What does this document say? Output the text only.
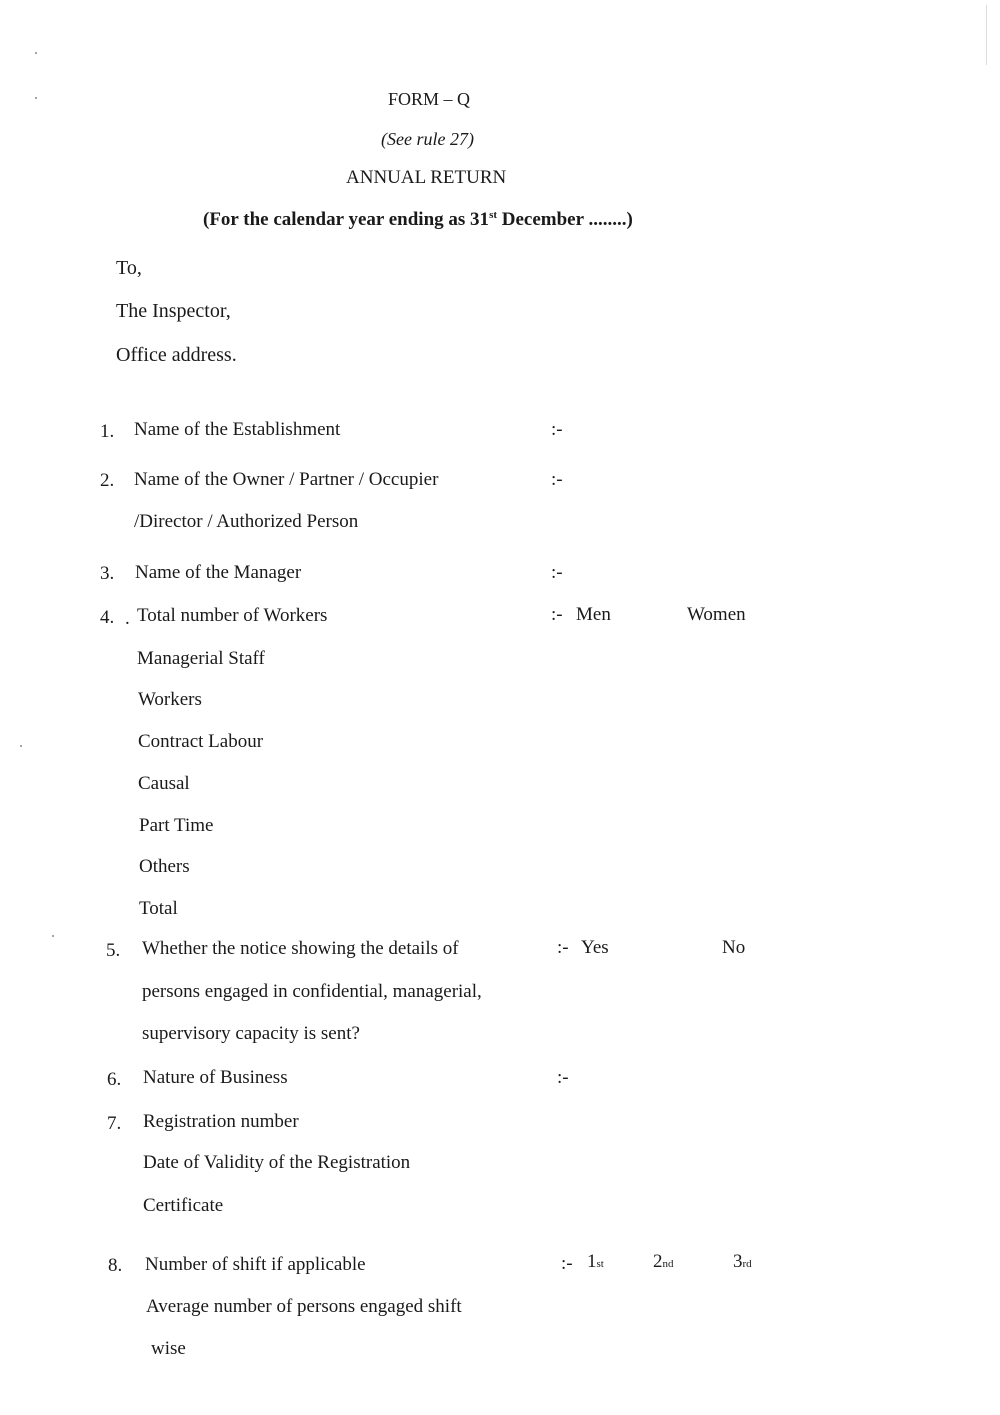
FORM – Q
(See rule 27)
ANNUAL RETURN
(For the calendar year ending as 31st December ........)
To,
The Inspector,
Office address.
1. Name of the Establishment	:-
2. Name of the Owner / Partner / Occupier	:-
/Director / Authorized Person
3. Name of the Manager	:-
4. . Total number of Workers	:- Men	Women
Managerial Staff
Workers
Contract Labour
Causal
Part Time
Others
Total
5. Whether the notice showing the details of	:- Yes	No
persons engaged in confidential, managerial,
supervisory capacity is sent?
6. Nature of Business	:-
7. Registration number
Date of Validity of the Registration
Certificate
8. Number of shift if applicable	:- 1st	2nd	3rd
Average number of persons engaged shift
wise
